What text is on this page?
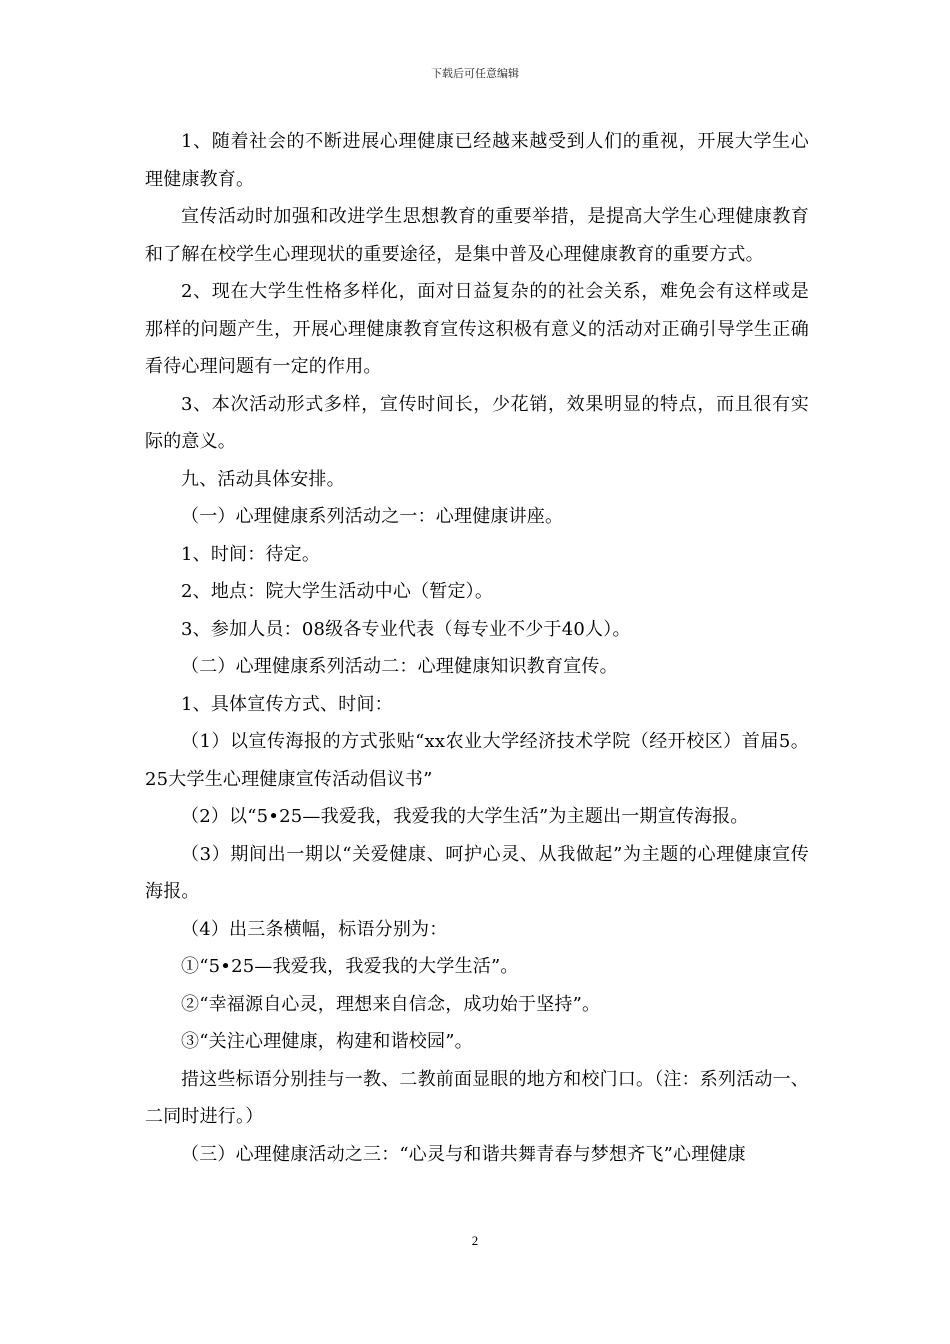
下载后可任意编辑

1、随着社会的不断进展心理健康已经越来越受到人们的重视，开展大学生心理健康教育。

宣传活动时加强和改进学生思想教育的重要举措，是提高大学生心理健康教育和了解在校学生心理现状的重要途径，是集中普及心理健康教育的重要方式。

2、现在大学生性格多样化，面对日益复杂的的社会关系，难免会有这样或是那样的问题产生，开展心理健康教育宣传这积极有意义的活动对正确引导学生正确看待心理问题有一定的作用。

3、本次活动形式多样，宣传时间长，少花销，效果明显的特点，而且很有实际的意义。

九、活动具体安排。

（一）心理健康系列活动之一：心理健康讲座。

1、时间：待定。

2、地点：院大学生活动中心（暂定）。

3、参加人员：08级各专业代表（每专业不少于40人）。

（二）心理健康系列活动二：心理健康知识教育宣传。

1、具体宣传方式、时间：

（1）以宣传海报的方式张贴“xx农业大学经济技术学院（经开校区）首届5。25大学生心理健康宣传活动倡议书”

（2）以“5•25—我爱我，我爱我的大学生活”为主题出一期宣传海报。

（3）期间出一期以“关爱健康、呵护心灵、从我做起”为主题的心理健康宣传海报。

（4）出三条横幅，标语分别为：

①“5•25—我爱我，我爱我的大学生活”。

②“幸福源自心灵，理想来自信念，成功始于坚持”。

③“关注心理健康，构建和谐校园”。

措这些标语分别挂与一教、二教前面显眼的地方和校门口。（注：系列活动一、二同时进行。）

（三）心理健康活动之三：“心灵与和谐共舞青春与梦想齐飞”心理健康

2
